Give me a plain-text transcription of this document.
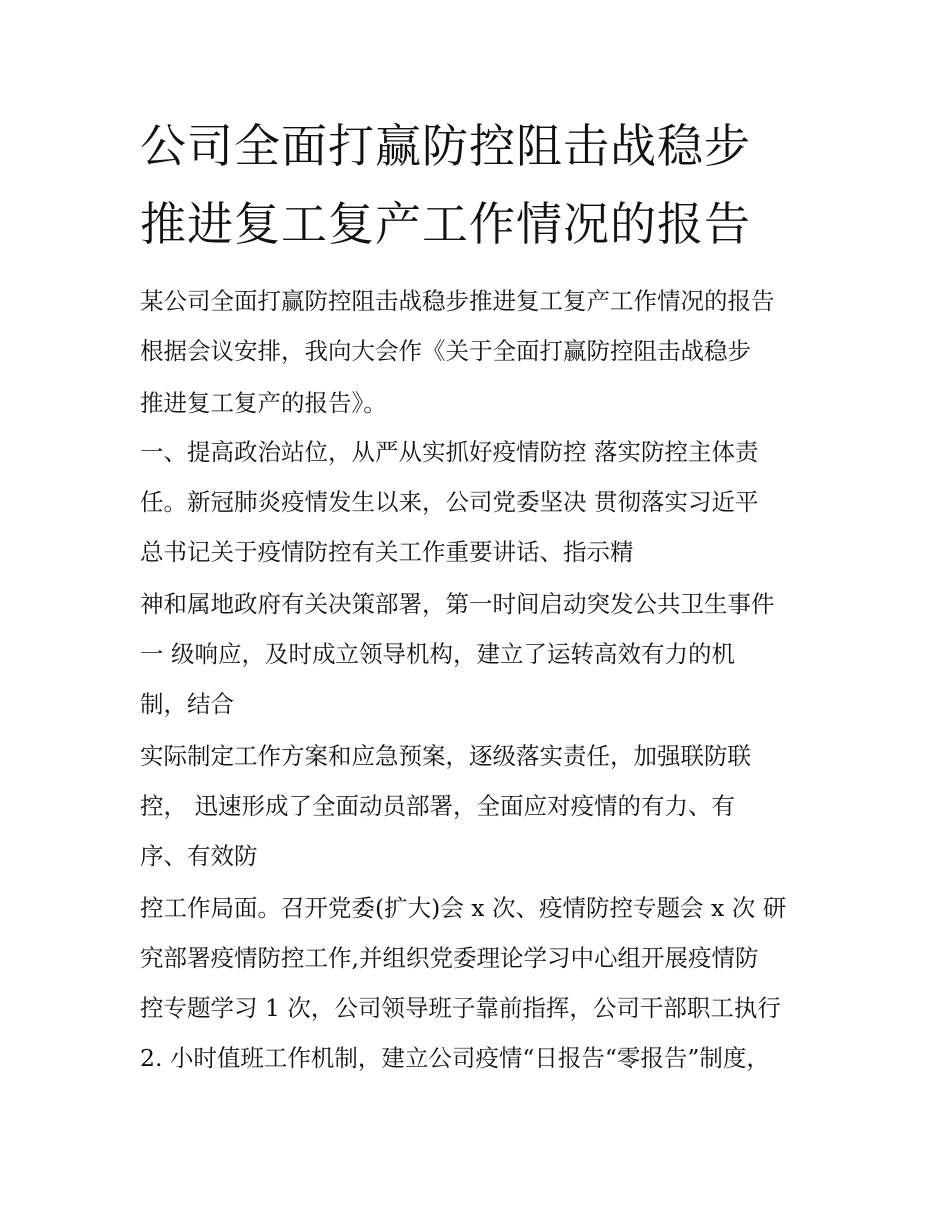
公司全面打赢防控阻击战稳步
推进复工复产工作情况的报告
某公司全面打赢防控阻击战稳步推进复工复产工作情况的报告
根据会议安排，我向大会作《关于全面打赢防控阻击战稳步
推进复工复产的报告》。
一、提高政治站位，从严从实抓好疫情防控 落实防控主体责
任。新冠肺炎疫情发生以来，公司党委坚决 贯彻落实习近平
总书记关于疫情防控有关工作重要讲话、指示精
神和属地政府有关决策部署，第一时间启动突发公共卫生事件
一 级响应，及时成立领导机构，建立了运转高效有力的机
制，结合
实际制定工作方案和应急预案，逐级落实责任，加强联防联
控， 迅速形成了全面动员部署，全面应对疫情的有力、有
序、有效防
控工作局面。召开党委(扩大)会 x 次、疫情防控专题会 x 次 研
究部署疫情防控工作,并组织党委理论学习中心组开展疫情防
控专题学习 1 次，公司领导班子靠前指挥，公司干部职工执行
2. 小时值班工作机制，建立公司疫情“日报告“零报告”制度，
